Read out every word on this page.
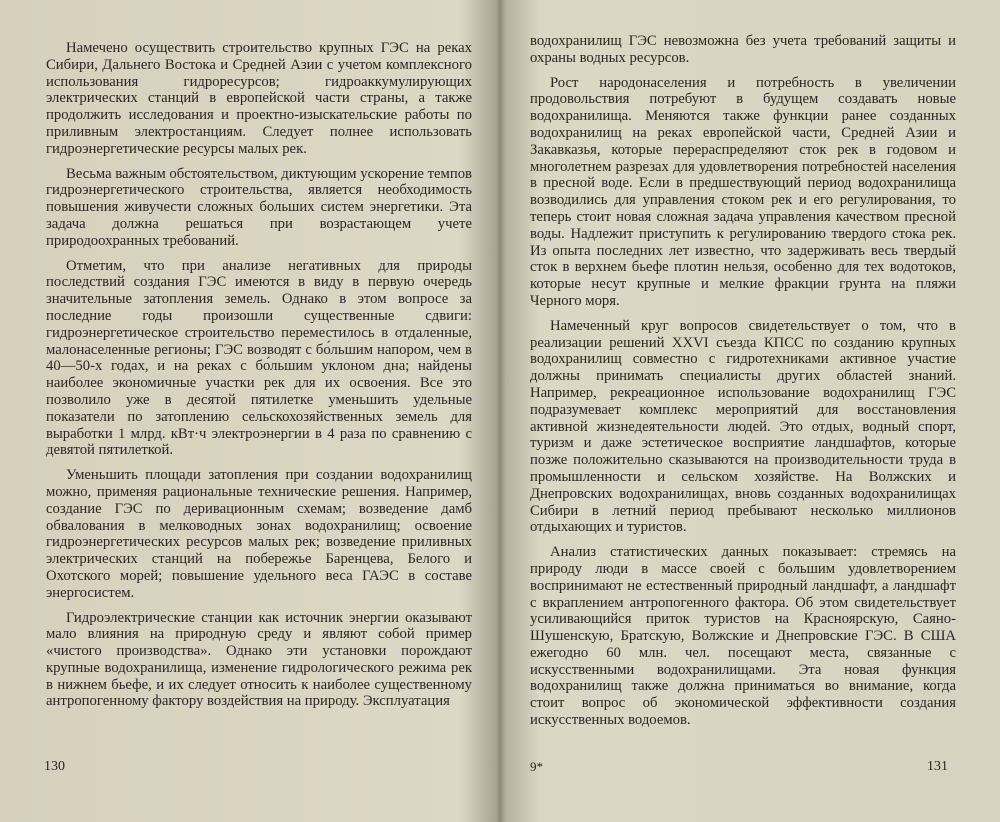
Намечено осуществить строительство крупных ГЭС на реках Сибири, Дальнего Востока и Средней Азии с учетом комплексного использования гидроресурсов; гидроаккумулирующих электрических станций в европейской части страны, а также продолжить исследования и проектно-изыскательские работы по приливным электростанциям. Следует полнее использовать гидроэнергетические ресурсы малых рек.

Весьма важным обстоятельством, диктующим ускорение темпов гидроэнергетического строительства, является необходимость повышения живучести сложных больших систем энергетики. Эта задача должна решаться при возрастающем учете природоохранных требований.

Отметим, что при анализе негативных для природы последствий создания ГЭС имеются в виду в первую очередь значительные затопления земель. Однако в этом вопросе за последние годы произошли существенные сдвиги: гидроэнергетическое строительство переместилось в отдаленные, малонаселенные регионы; ГЭС возводят с бо́льшим напором, чем в 40—50-х годах, и на реках с бо́льшим уклоном дна; найдены наиболее экономичные участки рек для их освоения. Все это позволило уже в десятой пятилетке уменьшить удельные показатели по затоплению сельскохозяйственных земель для выработки 1 млрд. кВт·ч электроэнергии в 4 раза по сравнению с девятой пятилеткой.

Уменьшить площади затопления при создании водохранилищ можно, применяя рациональные технические решения. Например, создание ГЭС по деривационным схемам; возведение дамб обвалования в мелководных зонах водохранилищ; освоение гидроэнергетических ресурсов малых рек; возведение приливных электрических станций на побережье Баренцева, Белого и Охотского морей; повышение удельного веса ГАЭС в составе энергосистем.

Гидроэлектрические станции как источник энергии оказывают мало влияния на природную среду и являют собой пример «чистого производства». Однако эти установки порождают крупные водохранилища, изменение гидрологического режима рек в нижнем бьефе, и их следует относить к наиболее существенному антропогенному фактору воздействия на природу. Эксплуатация

130

водохранилищ ГЭС невозможна без учета требований защиты и охраны водных ресурсов.

Рост народонаселения и потребность в увеличении продовольствия потребуют в будущем создавать новые водохранилища. Меняются также функции ранее созданных водохранилищ на реках европейской части, Средней Азии и Закавказья, которые перераспределяют сток рек в годовом и многолетнем разрезах для удовлетворения потребностей населения в пресной воде. Если в предшествующий период водохранилища возводились для управления стоком рек и его регулирования, то теперь стоит новая сложная задача управления качеством пресной воды. Надлежит приступить к регулированию твердого стока рек. Из опыта последних лет известно, что задерживать весь твердый сток в верхнем бьефе плотин нельзя, особенно для тех водотоков, которые несут крупные и мелкие фракции грунта на пляжи Черного моря.

Намеченный круг вопросов свидетельствует о том, что в реализации решений XXVI съезда КПСС по созданию крупных водохранилищ совместно с гидротехниками активное участие должны принимать специалисты других областей знаний. Например, рекреационное использование водохранилищ ГЭС подразумевает комплекс мероприятий для восстановления активной жизнедеятельности людей. Это отдых, водный спорт, туризм и даже эстетическое восприятие ландшафтов, которые позже положительно сказываются на производительности труда в промышленности и сельском хозяйстве. На Волжских и Днепровских водохранилищах, вновь созданных водохранилищах Сибири в летний период пребывают несколько миллионов отдыхающих и туристов.

Анализ статистических данных показывает: стремясь на природу люди в массе своей с большим удовлетворением воспринимают не естественный природный ландшафт, а ландшафт с вкраплением антропогенного фактора. Об этом свидетельствует усиливающийся приток туристов на Красноярскую, Саяно-Шушенскую, Братскую, Волжские и Днепровские ГЭС. В США ежегодно 60 млн. чел. посещают места, связанные с искусственными водохранилищами. Эта новая функция водохранилищ также должна приниматься во внимание, когда стоит вопрос об экономической эффективности создания искусственных водоемов.

9*	131
